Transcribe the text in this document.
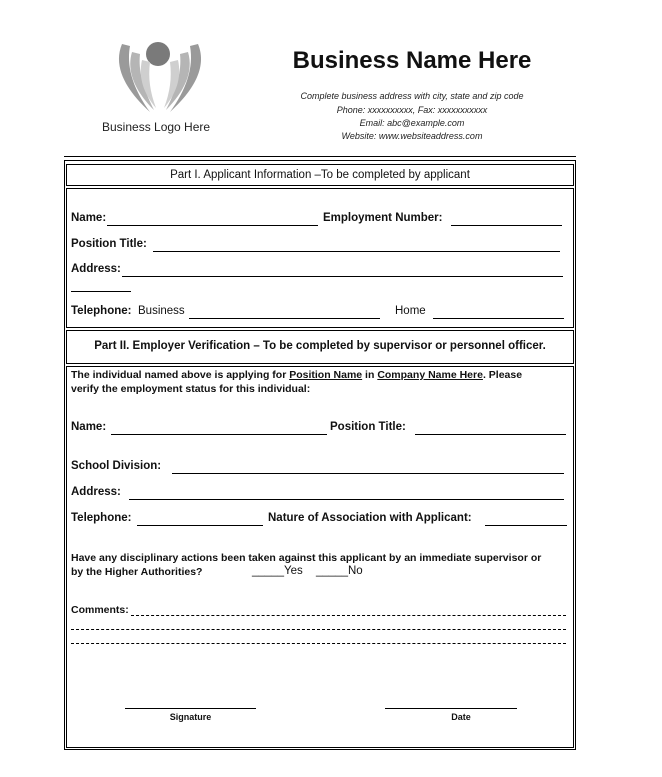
Business Logo Here
Business Name Here
Complete business address with city, state and zip code
Phone: xxxxxxxxxx, Fax: xxxxxxxxxxx
Email: abc@example.com
Website: www.websiteaddress.com
Part I. Applicant Information –To be completed by applicant
Name:	Employment Number:
Position Title:
Address:
Telephone: Business	Home
Part II. Employer Verification – To be completed by supervisor or personnel officer.
The individual named above is applying for Position Name in Company Name Here. Please
verify the employment status for this individual:
Name:	Position Title:
School Division:
Address:
Telephone:	Nature of Association with Applicant:
Have any disciplinary actions been taken against this applicant by an immediate supervisor or
by the Higher Authorities?	_____Yes _____No
Comments:
Signature	Date
